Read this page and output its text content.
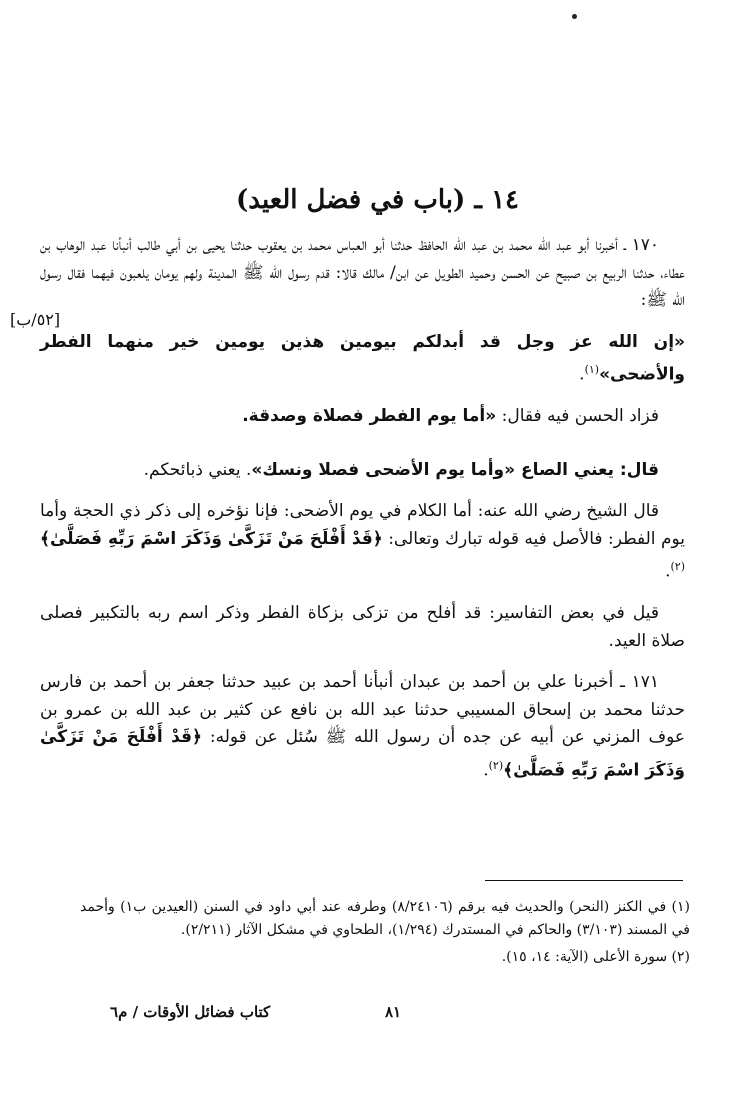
١٤ ـ (باب في فضل العيد)
[٥٢/ب]

١٧٠ ـ أخبرنا أبو عبد الله محمد بن عبد الله الحافظ حدثنا أبو العباس محمد بن يعقوب حدثنا يحيى بن أبي طالب أنبأنا عبد الوهاب بن عطاء، حدثنا الربيع بن صبيح عن الحسن وحميد الطويل عن ابن/ مالك قالا: قدم رسول الله ﷺ المدينة ولهم يومان يلعبون فيهما فقال رسول الله ﷺ:

«إن الله عز وجل قد أبدلكم بيومين هذين يومين خير منهما الفطر والأضحى»$^{(١)}$.

فزاد الحسن فيه فقال: «أما يوم الفطر فصلاة وصدقة.

قال: يعني الصاع «وأما يوم الأضحى فصلا ونسك». يعني ذبائحكم.

قال الشيخ رضي الله عنه: أما الكلام في يوم الأضحى: فإنا نؤخره إلى ذكر ذي الحجة وأما يوم الفطر: فالأصل فيه قوله تبارك وتعالى: ﴿قَدْ أَفْلَحَ مَنْ تَزَكَّىٰ وَذَكَرَ اسْمَ رَبِّهِ فَصَلَّىٰ﴾$^{(٢)}$.

قيل في بعض التفاسير: قد أفلح من تزكى بزكاة الفطر وذكر اسم ربه بالتكبير فصلى صلاة العيد.

١٧١ ـ أخبرنا علي بن أحمد بن عبدان أنبأنا أحمد بن عبيد حدثنا جعفر بن أحمد بن فارس حدثنا محمد بن إسحاق المسيبي حدثنا عبد الله بن نافع عن كثير بن عبد الله بن عمرو بن عوف المزني عن أبيه عن جده أن رسول الله ﷺ سُئل عن قوله: ﴿قَدْ أَفْلَحَ مَنْ تَزَكَّىٰ وَذَكَرَ اسْمَ رَبِّهِ فَصَلَّىٰ﴾$^{(٢)}$.

(١) في الكنز (النحر) والحديث فيه برقم (٨/٢٤١٠٦) وطرفه عند أبي داود في السنن (العيدين ب١) وأحمد في المسند (٣/١٠٣) والحاكم في المستدرك (١/٢٩٤)، الطحاوي في مشكل الآثار (٢/٢١١).

(٢) سورة الأعلى (الآية: ١٤، ١٥).

٨١
كتاب فضائل الأوقات / م٦
